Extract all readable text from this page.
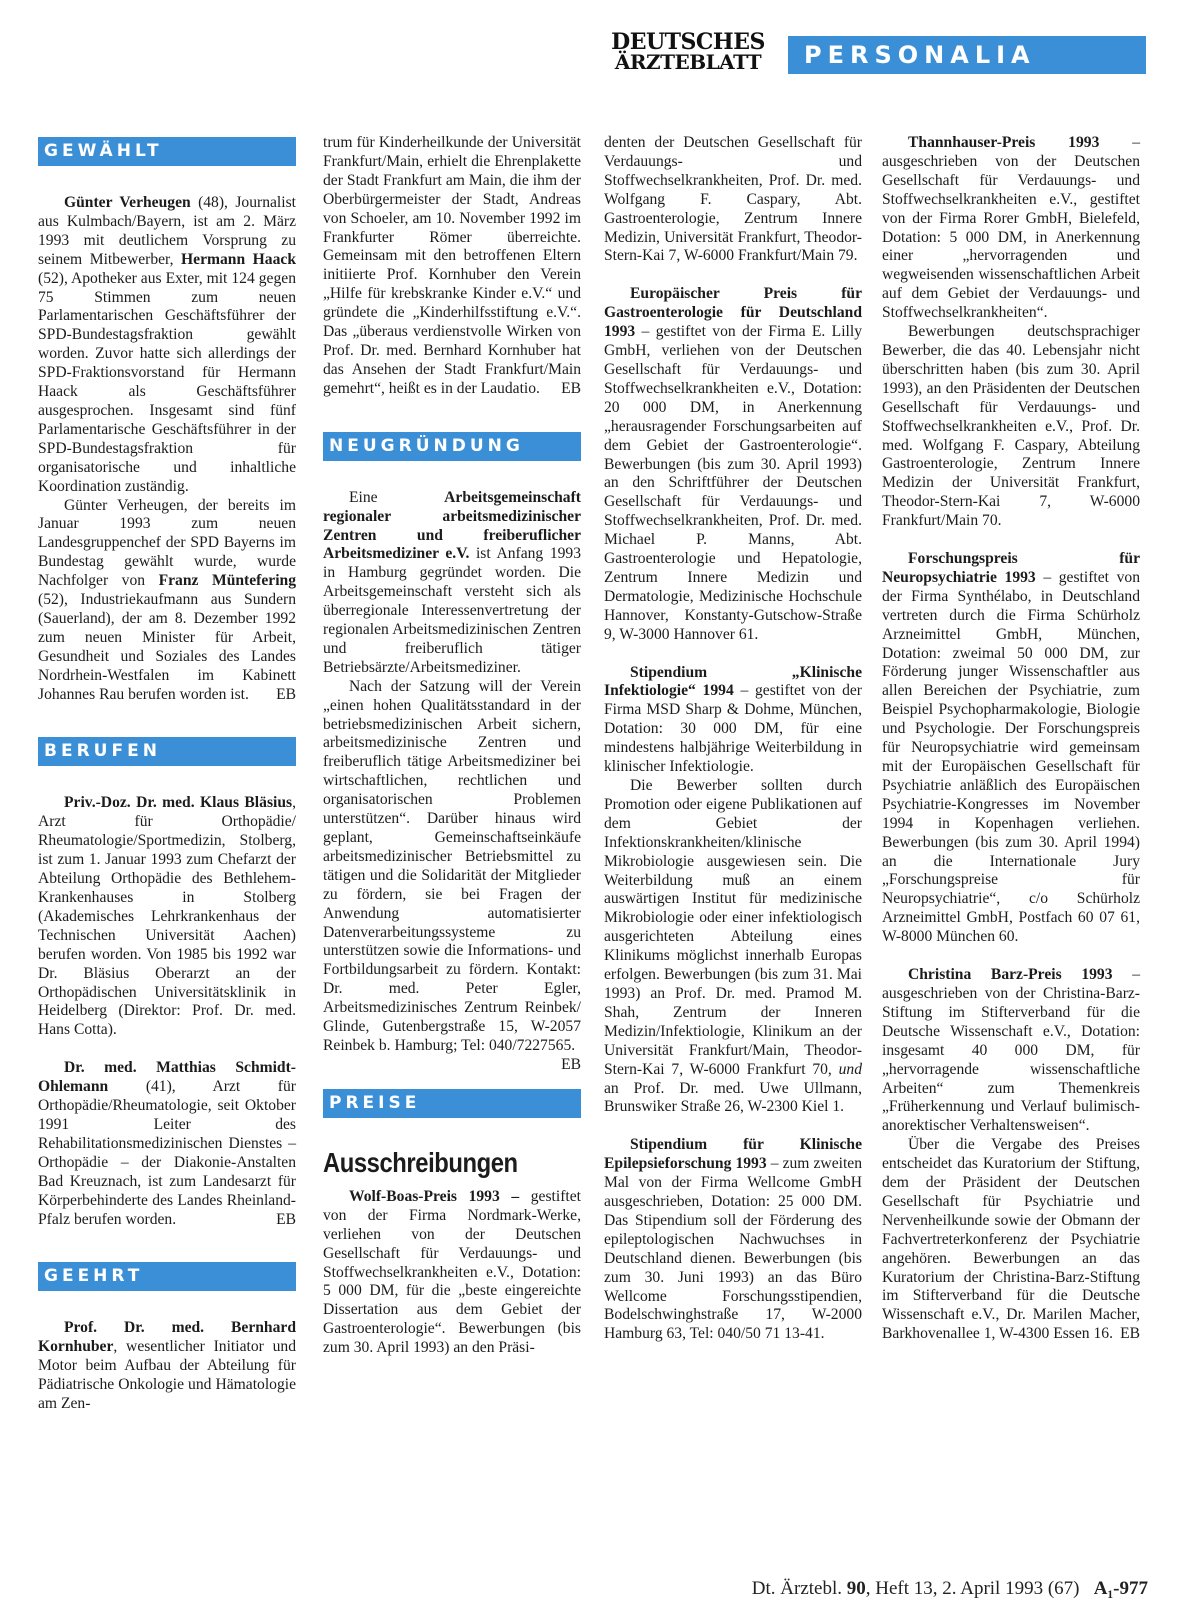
DEUTSCHES
ÄRZTEBLATT	PERSONALIA
GEWÄHLT

Günter Verheugen (48), Journalist aus Kulmbach/Bayern, ist am 2. März 1993 mit deutlichem Vorsprung zu seinem Mitbewerber, Hermann Haack (52), Apotheker aus Exter, mit 124 gegen 75 Stimmen zum neuen Parlamentarischen Geschäftsführer der SPD-Bundestagsfraktion gewählt worden. Zuvor hatte sich allerdings der SPD-Fraktionsvorstand für Hermann Haack als Geschäftsführer ausgesprochen. Insgesamt sind fünf Parlamentarische Geschäftsführer in der SPD-Bundestagsfraktion für organisatorische und inhaltliche Koordination zuständig.

Günter Verheugen, der bereits im Januar 1993 zum neuen Landesgruppenchef der SPD Bayerns im Bundestag gewählt wurde, wurde Nachfolger von Franz Müntefering (52), Industriekaufmann aus Sundern (Sauerland), der am 8. Dezember 1992 zum neuen Minister für Arbeit, Gesundheit und Soziales des Landes Nordrhein-Westfalen im Kabinett Johannes Rau berufen worden ist. EB

BERUFEN

Priv.-Doz. Dr. med. Klaus Bläsius, Arzt für Orthopädie/ Rheumatologie/Sportmedizin, Stolberg, ist zum 1. Januar 1993 zum Chefarzt der Abteilung Orthopädie des Bethlehem-Krankenhauses in Stolberg (Akademisches Lehrkrankenhaus der Technischen Universität Aachen) berufen worden. Von 1985 bis 1992 war Dr. Bläsius Oberarzt an der Orthopädischen Universitätsklinik in Heidelberg (Direktor: Prof. Dr. med. Hans Cotta).

Dr. med. Matthias Schmidt-Ohlemann (41), Arzt für Orthopädie/Rheumatologie, seit Oktober 1991 Leiter des Rehabilitationsmedizinischen Dienstes – Orthopädie – der Diakonie-Anstalten Bad Kreuznach, ist zum Landesarzt für Körperbehinderte des Landes Rheinland-Pfalz berufen worden.	EB

GEEHRT

Prof. Dr. med. Bernhard Kornhuber, wesentlicher Initiator und Motor beim Aufbau der Abteilung für Pädiatrische Onkologie und Hämatologie am Zen-

trum für Kinderheilkunde der Universität Frankfurt/Main, erhielt die Ehrenplakette der Stadt Frankfurt am Main, die ihm der Oberbürgermeister der Stadt, Andreas von Schoeler, am 10. November 1992 im Frankfurter Römer überreichte. Gemeinsam mit den betroffenen Eltern initiierte Prof. Kornhuber den Verein „Hilfe für krebskranke Kinder e.V.“ und gründete die „Kinderhilfsstiftung e.V.“. Das „überaus verdienstvolle Wirken von Prof. Dr. med. Bernhard Kornhuber hat das Ansehen der Stadt Frankfurt/Main gemehrt“, heißt es in der Laudatio. EB

NEUGRÜNDUNG

Eine Arbeitsgemeinschaft regionaler arbeitsmedizinischer Zentren und freiberuflicher Arbeitsmediziner e.V. ist Anfang 1993 in Hamburg gegründet worden. Die Arbeitsgemeinschaft versteht sich als überregionale Interessenvertretung der regionalen Arbeitsmedizinischen Zentren und freiberuflich tätiger Betriebsärzte/Arbeitsmediziner.

Nach der Satzung will der Verein „einen hohen Qualitätsstandard in der betriebsmedizinischen Arbeit sichern, arbeitsmedizinische Zentren und freiberuflich tätige Arbeitsmediziner bei wirtschaftlichen, rechtlichen und organisatorischen Problemen unterstützen“. Darüber hinaus wird geplant, Gemeinschaftseinkäufe arbeitsmedizinischer Betriebsmittel zu tätigen und die Solidarität der Mitglieder zu fördern, sie bei Fragen der Anwendung automatisierter Datenverarbeitungssysteme zu unterstützen sowie die Informations- und Fortbildungsarbeit zu fördern. Kontakt: Dr. med. Peter Egler, Arbeitsmedizinisches Zentrum Reinbek/ Glinde, Gutenbergstraße 15, W-2057 Reinbek b. Hamburg; Tel: 040/7227565.
EB

PREISE
Ausschreibungen

Wolf-Boas-Preis 1993 – gestiftet von der Firma Nordmark-Werke, verliehen von der Deutschen Gesellschaft für Verdauungs- und Stoffwechselkrankheiten e.V., Dotation: 5 000 DM, für die „beste eingereichte Dissertation aus dem Gebiet der Gastroenterologie“. Bewerbungen (bis zum 30. April 1993) an den Präsi-

denten der Deutschen Gesellschaft für Verdauungs- und Stoffwechselkrankheiten, Prof. Dr. med. Wolfgang F. Caspary, Abt. Gastroenterologie, Zentrum Innere Medizin, Universität Frankfurt, Theodor-Stern-Kai 7, W-6000 Frankfurt/Main 79.

Europäischer Preis für Gastroenterologie für Deutschland 1993 – gestiftet von der Firma E. Lilly GmbH, verliehen von der Deutschen Gesellschaft für Verdauungs- und Stoffwechselkrankheiten e.V., Dotation: 20 000 DM, in Anerkennung „herausragender Forschungsarbeiten auf dem Gebiet der Gastroenterologie“. Bewerbungen (bis zum 30. April 1993) an den Schriftführer der Deutschen Gesellschaft für Verdauungs- und Stoffwechselkrankheiten, Prof. Dr. med. Michael P. Manns, Abt. Gastroenterologie und Hepatologie, Zentrum Innere Medizin und Dermatologie, Medizinische Hochschule Hannover, Konstanty-Gutschow-Straße 9, W-3000 Hannover 61.

Stipendium „Klinische Infektiologie“ 1994 – gestiftet von der Firma MSD Sharp & Dohme, München, Dotation: 30 000 DM, für eine mindestens halbjährige Weiterbildung in klinischer Infektiologie.

Die Bewerber sollten durch Promotion oder eigene Publikationen auf dem Gebiet der Infektionskrankheiten/klinische Mikrobiologie ausgewiesen sein. Die Weiterbildung muß an einem auswärtigen Institut für medizinische Mikrobiologie oder einer infektiologisch ausgerichteten Abteilung eines Klinikums möglichst innerhalb Europas erfolgen. Bewerbungen (bis zum 31. Mai 1993) an Prof. Dr. med. Pramod M. Shah, Zentrum der Inneren Medizin/Infektiologie, Klinikum an der Universität Frankfurt/Main, Theodor-Stern-Kai 7, W-6000 Frankfurt 70, und an Prof. Dr. med. Uwe Ullmann, Brunswiker Straße 26, W-2300 Kiel 1.

Stipendium für Klinische Epilepsieforschung 1993 – zum zweiten Mal von der Firma Wellcome GmbH ausgeschrieben, Dotation: 25 000 DM. Das Stipendium soll der Förderung des epileptologischen Nachwuchses in Deutschland dienen. Bewerbungen (bis zum 30. Juni 1993) an das Büro Wellcome Forschungsstipendien, Bodelschwinghstraße 17, W-2000 Hamburg 63, Tel: 040/50 71 13-41.

Thannhauser-Preis 1993 – ausgeschrieben von der Deutschen Gesellschaft für Verdauungs- und Stoffwechselkrankheiten e.V., gestiftet von der Firma Rorer GmbH, Bielefeld, Dotation: 5 000 DM, in Anerkennung einer „hervorragenden und wegweisenden wissenschaftlichen Arbeit auf dem Gebiet der Verdauungs- und Stoffwechselkrankheiten“.

Bewerbungen deutschsprachiger Bewerber, die das 40. Lebensjahr nicht überschritten haben (bis zum 30. April 1993), an den Präsidenten der Deutschen Gesellschaft für Verdauungs- und Stoffwechselkrankheiten e.V., Prof. Dr. med. Wolfgang F. Caspary, Abteilung Gastroenterologie, Zentrum Innere Medizin der Universität Frankfurt, Theodor-Stern-Kai 7, W-6000 Frankfurt/Main 70.

Forschungspreis für Neuropsychiatrie 1993 – gestiftet von der Firma Synthélabo, in Deutschland vertreten durch die Firma Schürholz Arzneimittel GmbH, München, Dotation: zweimal 50 000 DM, zur Förderung junger Wissenschaftler aus allen Bereichen der Psychiatrie, zum Beispiel Psychopharmakologie, Biologie und Psychologie. Der Forschungspreis für Neuropsychiatrie wird gemeinsam mit der Europäischen Gesellschaft für Psychiatrie anläßlich des Europäischen Psychiatrie-Kongresses im November 1994 in Kopenhagen verliehen. Bewerbungen (bis zum 30. April 1994) an die Internationale Jury „Forschungspreise für Neuropsychiatrie“, c/o Schürholz Arzneimittel GmbH, Postfach 60 07 61, W-8000 München 60.

Christina Barz-Preis 1993 – ausgeschrieben von der Christina-Barz-Stiftung im Stifterverband für die Deutsche Wissenschaft e.V., Dotation: insgesamt 40 000 DM, für „hervorragende wissenschaftliche Arbeiten“ zum Themenkreis „Früherkennung und Verlauf bulimisch-anorektischer Verhaltensweisen“.

Über die Vergabe des Preises entscheidet das Kuratorium der Stiftung, dem der Präsident der Deutschen Gesellschaft für Psychiatrie und Nervenheilkunde sowie der Obmann der Fachvertreterkonferenz der Psychiatrie angehören. Bewerbungen an das Kuratorium der Christina-Barz-Stiftung im Stifterverband für die Deutsche Wissenschaft e.V., Dr. Marilen Macher, Barkhovenallee 1, W-4300 Essen 16. EB

Dt. Ärztebl. 90, Heft 13, 2. April 1993 (67) A₁-977
